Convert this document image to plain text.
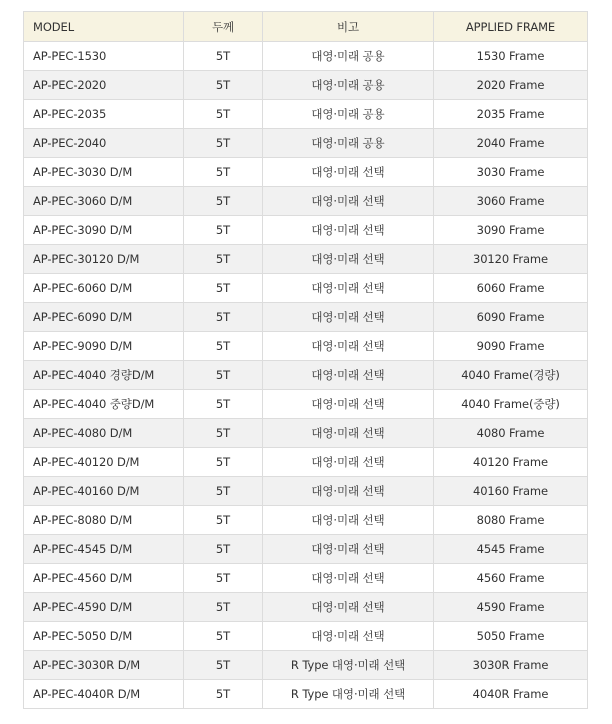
MODEL	두께	비고	APPLIED FRAME
AP-PEC-1530	5T	대영·미래 공용	1530 Frame
AP-PEC-2020	5T	대영·미래 공용	2020 Frame
AP-PEC-2035	5T	대영·미래 공용	2035 Frame
AP-PEC-2040	5T	대영·미래 공용	2040 Frame
AP-PEC-3030 D/M	5T	대영·미래 선택	3030 Frame
AP-PEC-3060 D/M	5T	대영·미래 선택	3060 Frame
AP-PEC-3090 D/M	5T	대영·미래 선택	3090 Frame
AP-PEC-30120 D/M	5T	대영·미래 선택	30120 Frame
AP-PEC-6060 D/M	5T	대영·미래 선택	6060 Frame
AP-PEC-6090 D/M	5T	대영·미래 선택	6090 Frame
AP-PEC-9090 D/M	5T	대영·미래 선택	9090 Frame
AP-PEC-4040 경량D/M	5T	대영·미래 선택	4040 Frame(경량)
AP-PEC-4040 중량D/M	5T	대영·미래 선택	4040 Frame(중량)
AP-PEC-4080 D/M	5T	대영·미래 선택	4080 Frame
AP-PEC-40120 D/M	5T	대영·미래 선택	40120 Frame
AP-PEC-40160 D/M	5T	대영·미래 선택	40160 Frame
AP-PEC-8080 D/M	5T	대영·미래 선택	8080 Frame
AP-PEC-4545 D/M	5T	대영·미래 선택	4545 Frame
AP-PEC-4560 D/M	5T	대영·미래 선택	4560 Frame
AP-PEC-4590 D/M	5T	대영·미래 선택	4590 Frame
AP-PEC-5050 D/M	5T	대영·미래 선택	5050 Frame
AP-PEC-3030R D/M	5T	R Type 대영·미래 선택	3030R Frame
AP-PEC-4040R D/M	5T	R Type 대영·미래 선택	4040R Frame
